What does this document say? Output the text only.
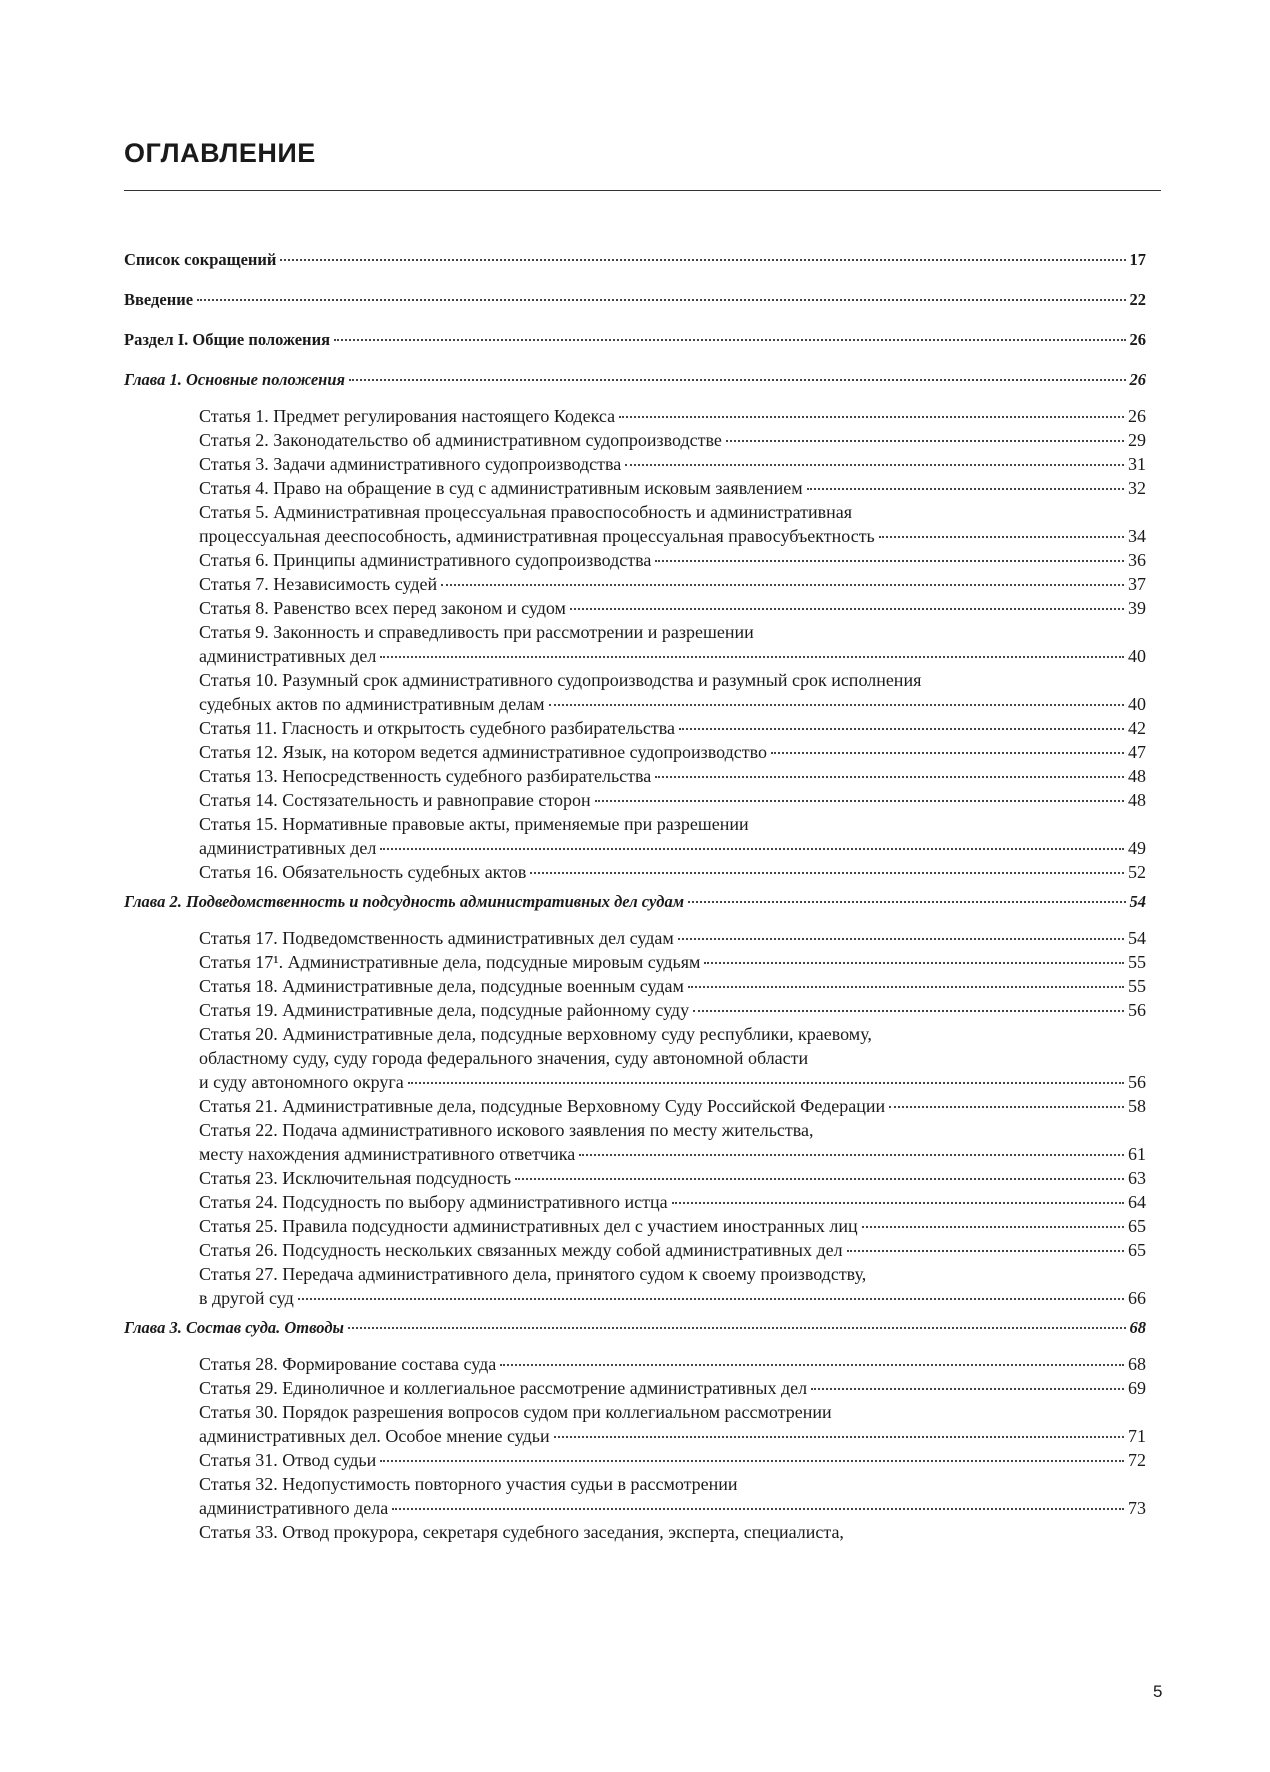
ОГЛАВЛЕНИЕ
Список сокращений	17
Введение	22
Раздел I. Общие положения	26
Глава 1. Основные положения	26
Статья 1. Предмет регулирования настоящего Кодекса	26
Статья 2. Законодательство об административном судопроизводстве	29
Статья 3. Задачи административного судопроизводства	31
Статья 4. Право на обращение в суд с административным исковым заявлением	32
Статья 5. Административная процессуальная правоспособность и административная
процессуальная дееспособность, административная процессуальная правосубъектность	34
Статья 6. Принципы административного судопроизводства	36
Статья 7. Независимость судей	37
Статья 8. Равенство всех перед законом и судом	39
Статья 9. Законность и справедливость при рассмотрении и разрешении
административных дел	40
Статья 10. Разумный срок административного судопроизводства и разумный срок исполнения
судебных актов по административным делам	40
Статья 11. Гласность и открытость судебного разбирательства	42
Статья 12. Язык, на котором ведется административное судопроизводство	47
Статья 13. Непосредственность судебного разбирательства	48
Статья 14. Состязательность и равноправие сторон	48
Статья 15. Нормативные правовые акты, применяемые при разрешении
административных дел	49
Статья 16. Обязательность судебных актов	52
Глава 2. Подведомственность и подсудность административных дел судам	54
Статья 17. Подведомственность административных дел судам	54
Статья 17¹. Административные дела, подсудные мировым судьям	55
Статья 18. Административные дела, подсудные военным судам	55
Статья 19. Административные дела, подсудные районному суду	56
Статья 20. Административные дела, подсудные верховному суду республики, краевому,
областному суду, суду города федерального значения, суду автономной области
и суду автономного округа	56
Статья 21. Административные дела, подсудные Верховному Суду Российской Федерации	58
Статья 22. Подача административного искового заявления по месту жительства,
месту нахождения административного ответчика	61
Статья 23. Исключительная подсудность	63
Статья 24. Подсудность по выбору административного истца	64
Статья 25. Правила подсудности административных дел с участием иностранных лиц	65
Статья 26. Подсудность нескольких связанных между собой административных дел	65
Статья 27. Передача административного дела, принятого судом к своему производству,
в другой суд	66
Глава 3. Состав суда. Отводы	68
Статья 28. Формирование состава суда	68
Статья 29. Единоличное и коллегиальное рассмотрение административных дел	69
Статья 30. Порядок разрешения вопросов судом при коллегиальном рассмотрении
административных дел. Особое мнение судьи	71
Статья 31. Отвод судьи	72
Статья 32. Недопустимость повторного участия судьи в рассмотрении
административного дела	73
Статья 33. Отвод прокурора, секретаря судебного заседания, эксперта, специалиста,
5
